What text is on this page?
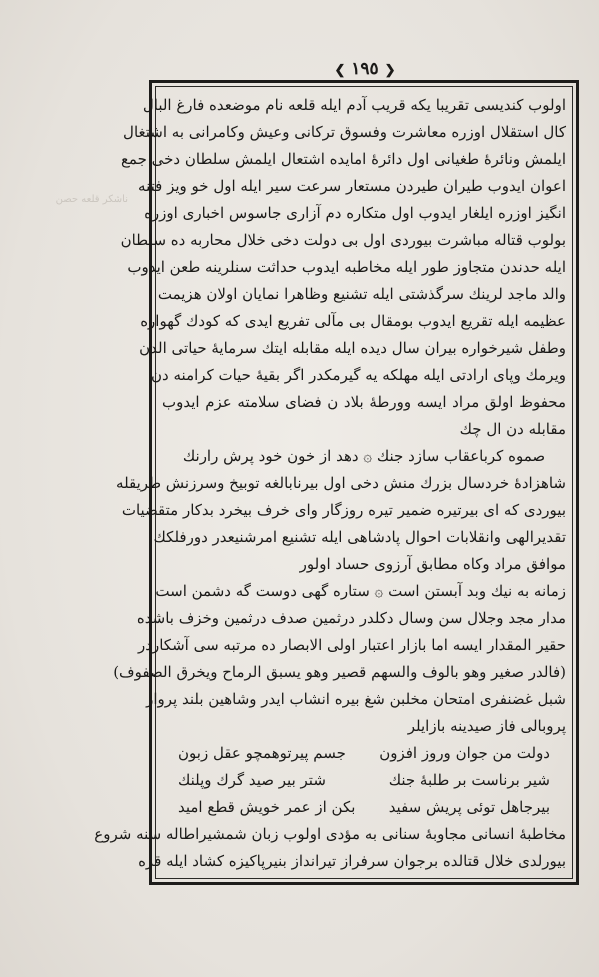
ناشکر قلعه حصن
❮ ١٩٥ ❯
اولوب كندیسی تقریبا یکه قریب آدم ایله قلعه نام موضعده فارغ البال
كال استقلال اوزره معاشرت وفسوق تركانی وعیش وكامرانی به اشتغال
ایلمش ونائرهٔ طغیانی اول دائرهٔ امایده اشتعال ایلمش سلطان دخی جمع
اعوان ایدوب طیران طیردن مستعار سرعت سیر ایله اول خو ویز فتنه
انگیز اوزره ایلغار ایدوب اول متكاره دم آزاری جاسوس اخباری اوزره
بولوب قتاله مباشرت بیوردی اول بی دولت دخی خلال محاربه ده سلطان
ایله حدندن متجاوز طور ایله مخاطبه ایدوب حداثت سنلرینه طعن ایدوب
والد ماجد لرینك سرگذشتی ایله تشنیع وظاهرا نمایان اولان هزیمت
عظیمه ایله تقریع ایدوب بومقال بی مآلی تفریع ایدی که كودك گهواره
وطفل شیرخواره بیران سال دیده ایله مقابله ایتك سرمایهٔ حیاتی الدن
ویرمك وپای ارادتی ایله مهلكه یه گیرمكدر اگر بقیهٔ حیات كرامنه دن
محفوظ اولق مراد ایسه وورطهٔ بلاد ن فضای سلامته عزم ایدوب
مقابله دن ال چك
صموه كرباعقاب سازد جنك ۞ دهد از خون خود پرش رارنك
شاهزادهٔ خردسال بزرك منش دخی اول بیرنابالغه توبیخ وسرزنش طریقله
بیوردی كه ای بیرتیره ضمیر تیره روزگار وای خرف بیخرد بدکار متقضیات
تقدیرالهی وانقلابات احوال پادشاهی ایله تشنیع امرشنیعدر دورفلكك
موافق مراد وكاه مطابق آرزوی حساد اولور
زمانه به نیك وبد آبستن است ۞ ستاره گهی دوست گه دشمن است
مدار مجد وجلال سن وسال دكلدر درثمین صدف درثمین وخزف باشده
حقیر المقدار ایسه اما بازار اعتبار اولی الابصار ده مرتبه سی آشكاردر
(فالدر صغیر وهو بالوف والسهم قصیر وهو یسبق الرماح ویخرق الصفوف)
شبل غضنفری امتحان مخلبن شغ بیره انشاب ایدر وشاهین بلند پرواز
پروبالی فاز صیدینه بازایلر
دولت من جوان وروز افزون
جسم پیرتوهمچو عقل زبون
شیر برناست بر طلبهٔ جنك
شتر بیر صید گرك وپلنك
بیرجاهل توئی پریش سفید
بكن از عمر خویش قطع امید
مخاطبهٔ انسانی مجاوبهٔ سنانی به مؤدی اولوب زبان شمشیراطاله سنه شروع
بیورلدی خلال قتالده برجوان سرفراز تیرانداز بنیرپاکیزه كشاد ایله قره
